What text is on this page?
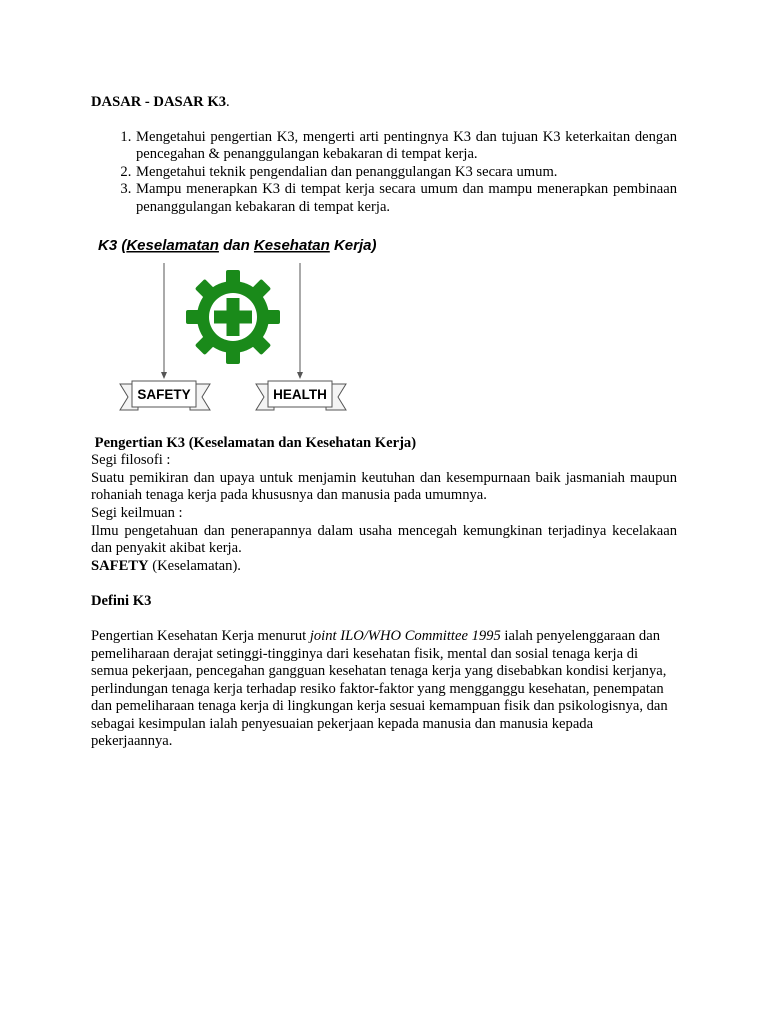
DASAR - DASAR K3.

1. Mengetahui pengertian K3, mengerti arti pentingnya K3 dan tujuan K3 keterkaitan dengan pencegahan & penanggulangan kebakaran di tempat kerja.
2. Mengetahui teknik pengendalian dan penanggulangan K3 secara umum.
3. Mampu menerapkan K3 di tempat kerja secara umum dan mampu menerapkan pembinaan penanggulangan kebakaran di tempat kerja.
K3 (Keselamatan dan Kesehatan Kerja)
SAFETY	HEALTH

Pengertian K3 (Keselamatan dan Kesehatan Kerja)

Segi filosofi :

Suatu pemikiran dan upaya untuk menjamin keutuhan dan kesempurnaan baik jasmaniah maupun rohaniah tenaga kerja pada khususnya dan manusia pada umumnya.

Segi keilmuan :

Ilmu pengetahuan dan penerapannya dalam usaha mencegah kemungkinan terjadinya kecelakaan dan penyakit akibat kerja.

SAFETY (Keselamatan).

Defini K3

Pengertian Kesehatan Kerja menurut joint ILO/WHO Committee 1995 ialah penyelenggaraan dan pemeliharaan derajat setinggi-tingginya dari kesehatan fisik, mental dan sosial tenaga kerja di semua pekerjaan, pencegahan gangguan kesehatan tenaga kerja yang disebabkan kondisi kerjanya, perlindungan tenaga kerja terhadap resiko faktor-faktor yang mengganggu kesehatan, penempatan dan pemeliharaan tenaga kerja di lingkungan kerja sesuai kemampuan fisik dan psikologisnya, dan sebagai kesimpulan ialah penyesuaian pekerjaan kepada manusia dan manusia kepada pekerjaannya.
